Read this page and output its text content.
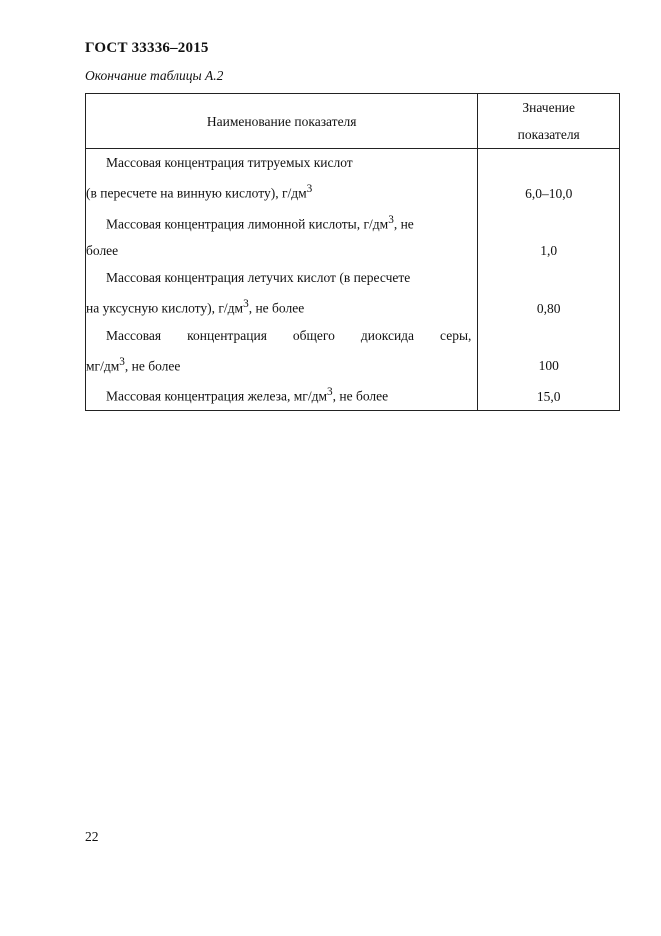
ГОСТ 33336–2015
Окончание таблицы А.2
Наименование показателя	Значение
показателя

Массовая концентрация титруемых кислот
(в пересчете на винную кислоту), $г/дм^3$	6,0–10,0

Массовая концентрация лимонной кислоты, $г/дм^3$, не
более	1,0

Массовая концентрация летучих кислот (в пересчете
на уксусную кислоту), $г/дм^3$, не более	0,80

Массовая концентрация общего диоксида серы,
$мг/дм^3$, не более	100

Массовая концентрация железа, $мг/дм^3$, не более	15,0
22
